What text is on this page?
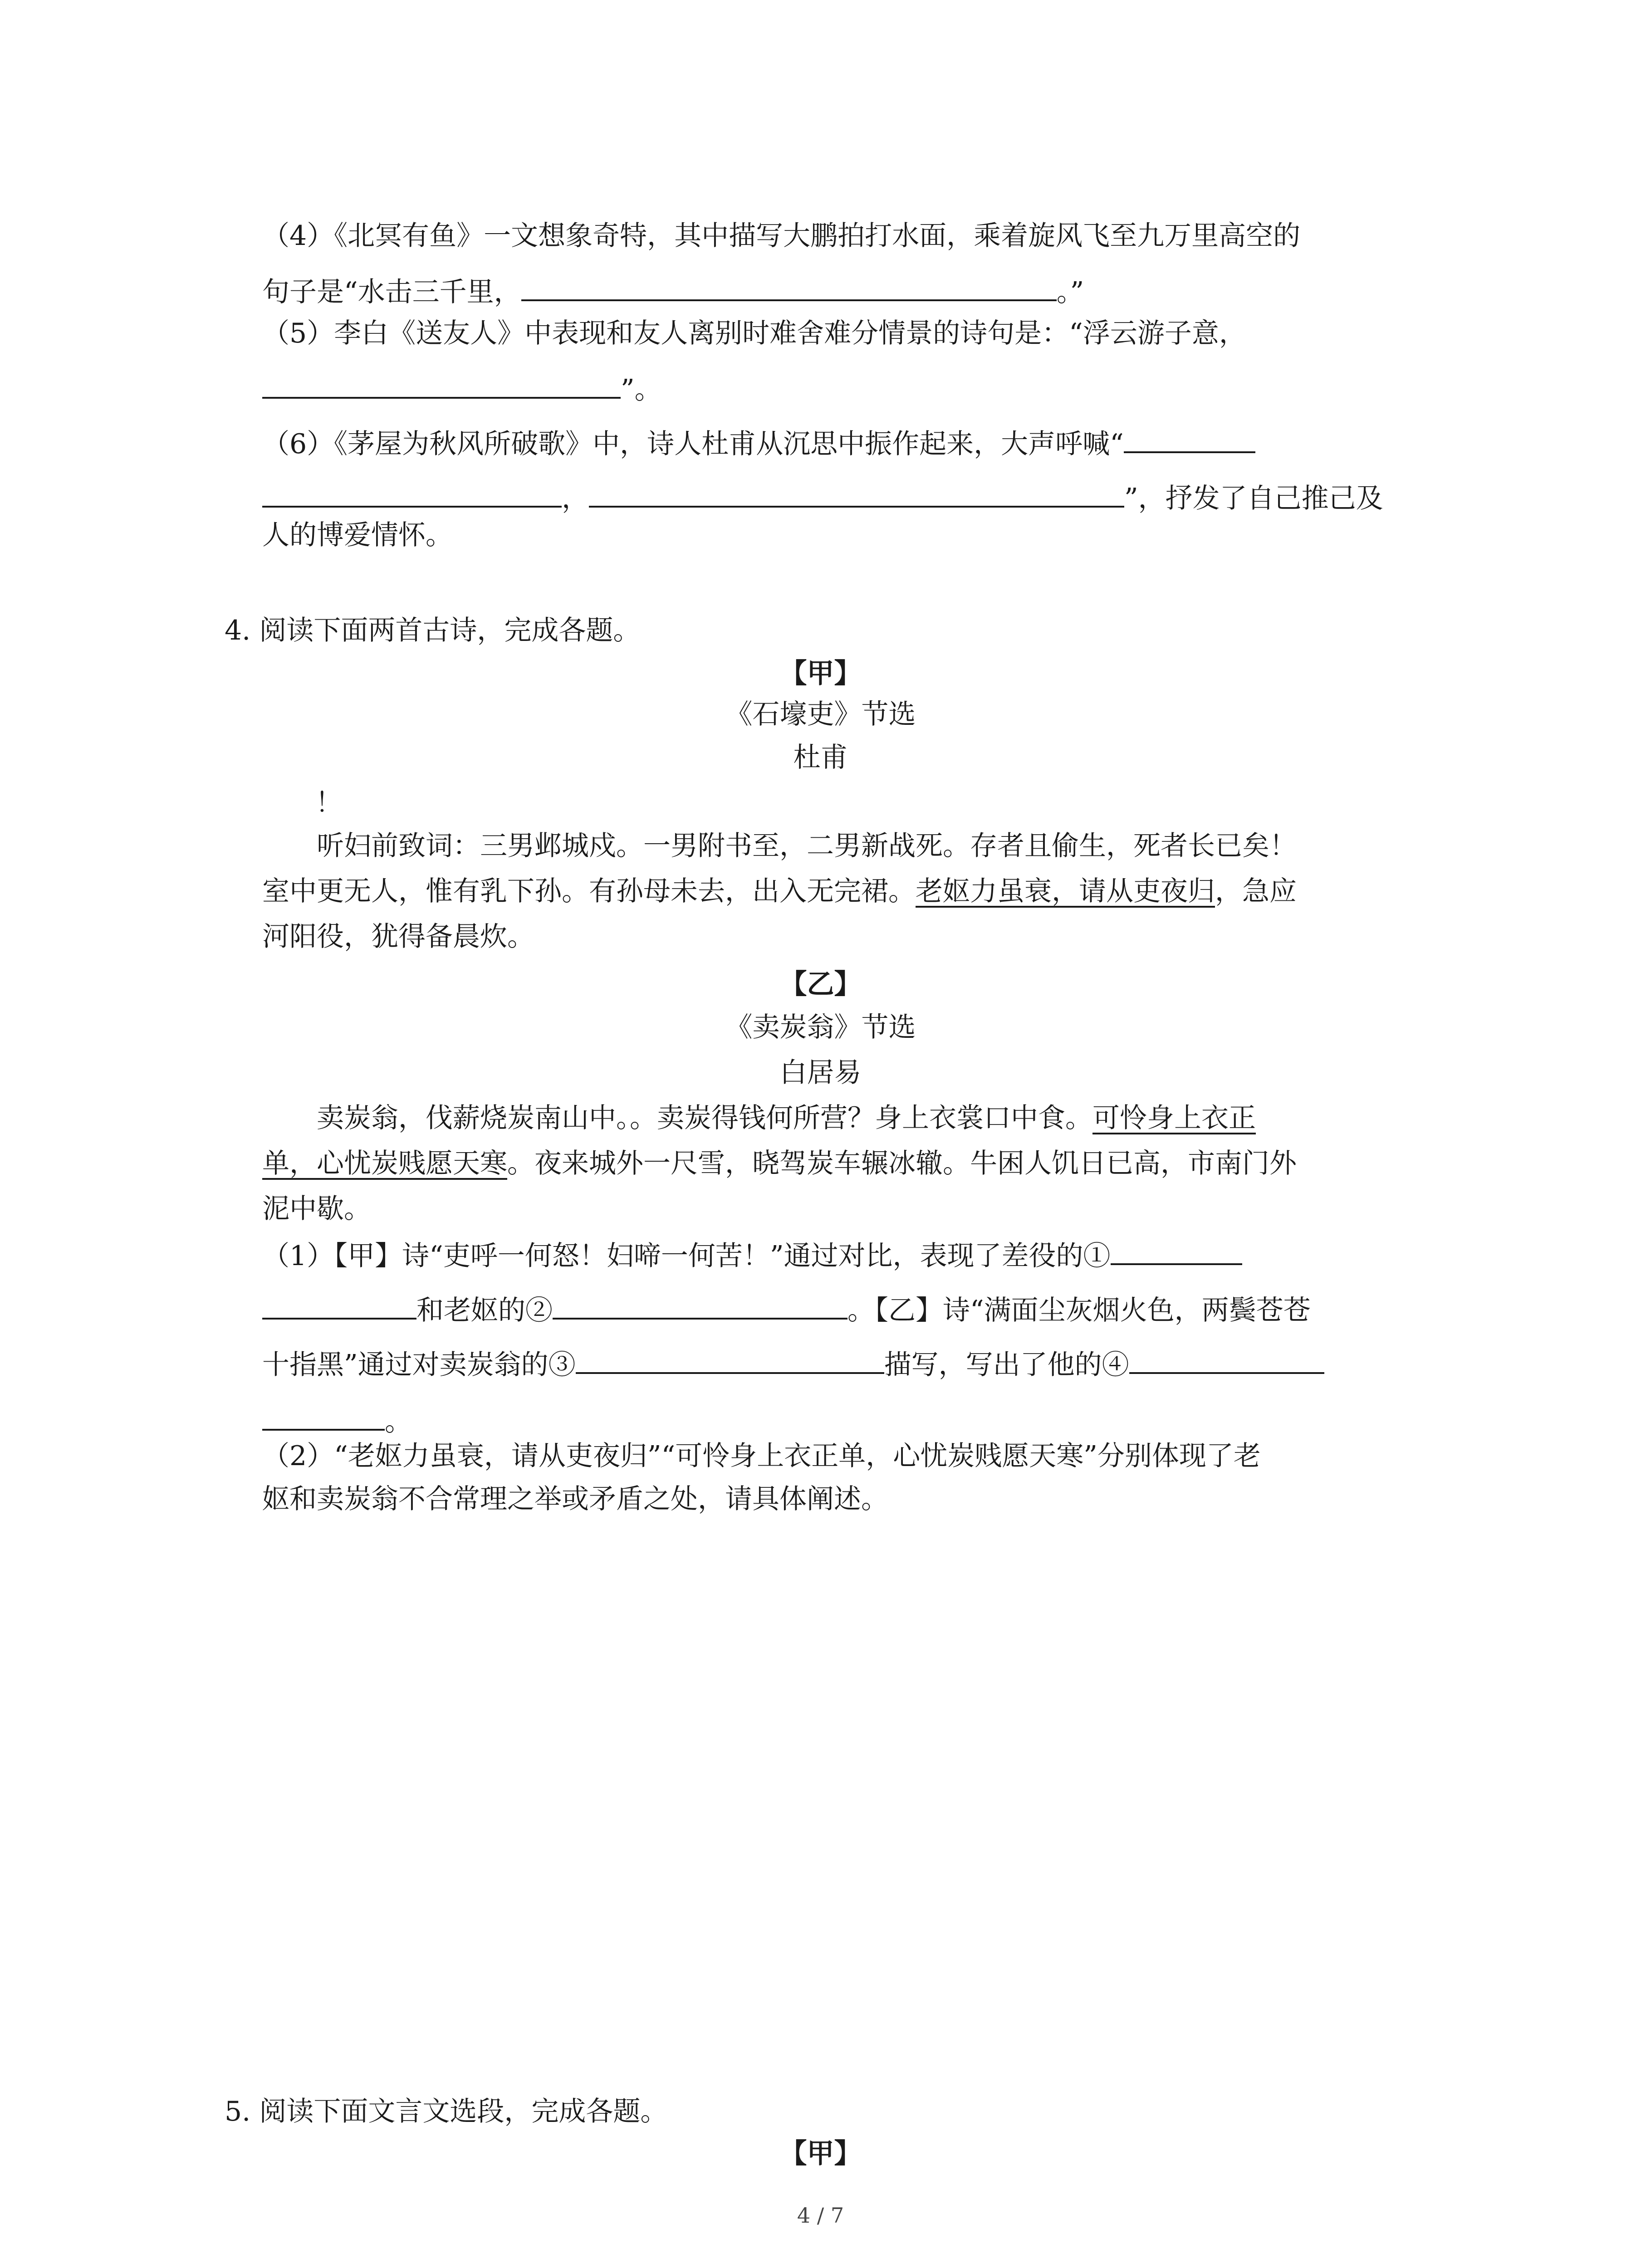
（4）《北冥有鱼》一文想象奇特，其中描写大鹏拍打水面，乘着旋风飞至九万里高空的
句子是“水击三千里，	。”
（5）李白《送友人》中表现和友人离别时难舍难分情景的诗句是：“浮云游子意，
”。
（6）《茅屋为秋风所破歌》中，诗人杜甫从沉思中振作起来，大声呼喊“
，	”，抒发了自己推己及
人的博爱情怀。
4. 阅读下面两首古诗，完成各题。
【甲】
《石壕吏》节选
杜甫
！
听妇前致词：三男邺城戍。一男附书至，二男新战死。存者且偷生，死者长已矣！
室中更无人，惟有乳下孙。有孙母未去，出入无完裙。老妪力虽衰，请从吏夜归，急应
河阳役，犹得备晨炊。
【乙】
《卖炭翁》节选
白居易
卖炭翁，伐薪烧炭南山中。。卖炭得钱何所营？身上衣裳口中食。可怜身上衣正
单，心忧炭贱愿天寒。夜来城外一尺雪，晓驾炭车辗冰辙。牛困人饥日已高，市南门外
泥中歇。
（1）【甲】诗“吏呼一何怒！妇啼一何苦！”通过对比，表现了差役的①
和老妪的②	。【乙】诗“满面尘灰烟火色，两鬓苍苍
十指黑”通过对卖炭翁的③	描写，写出了他的④
。
（2）“老妪力虽衰，请从吏夜归”“可怜身上衣正单，心忧炭贱愿天寒”分别体现了老
妪和卖炭翁不合常理之举或矛盾之处，请具体阐述。
5. 阅读下面文言文选段，完成各题。
【甲】
4 / 7
